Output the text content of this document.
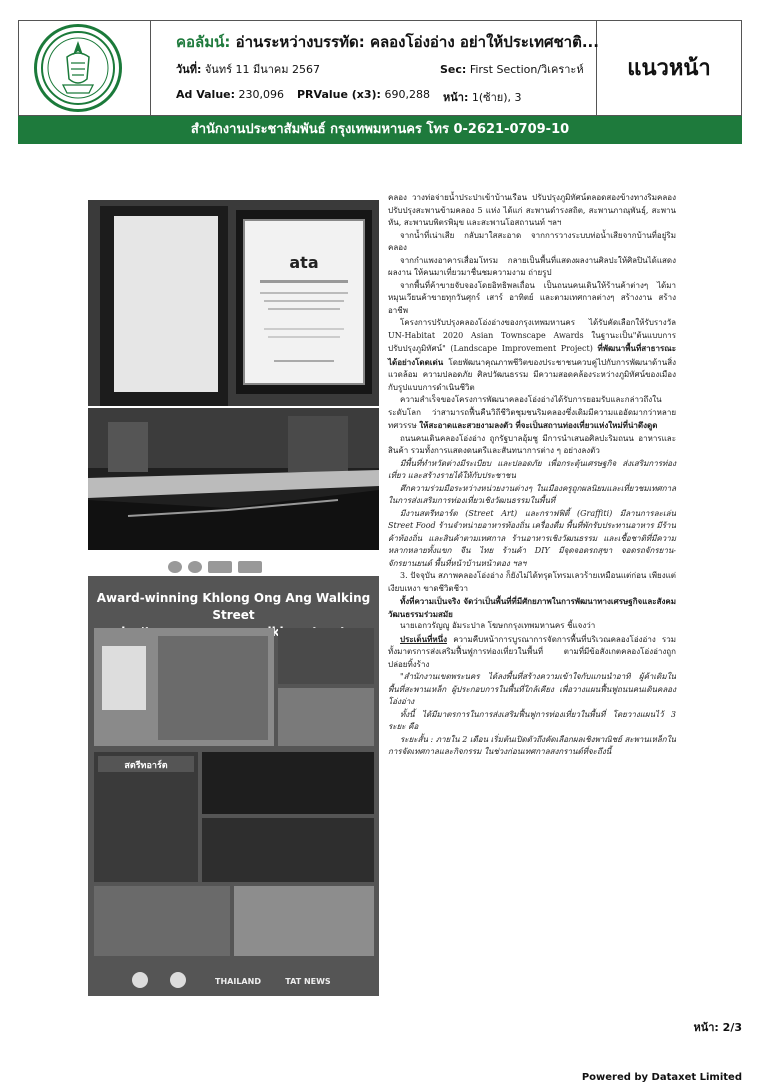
คอลัมน์: อ่านระหว่างบรรทัด: คลองโอ่งอ่าง อย่าให้ประเทศชาติ...
วันที่: จันทร์ 11 มีนาคม 2567	Sec: First Section/วิเคราะห์
Ad Value: 230,096 PRValue (x3): 690,288 หน้า: 1(ซ้าย), 3
แนวหน้า
สำนักงานประชาสัมพันธ์ กรุงเทพมหานคร โทร 0-2621-0709-10
ata
Award-winning Khlong Ong Ang Walking Street
walking
สตรีทอาร์ต
THAILAND	TAT NEWS

คลอง วางท่อจ่ายน้ำประปาเข้าบ้านเรือน ปรับปรุงภูมิทัศน์ตลอดสองข้างทางริมคลอง ปรับปรุงสะพานข้ามคลอง 5 แห่ง ได้แก่ สะพานดำรงสถิต, สะพานภาณุพันธุ์, สะพานหัน, สะพานบพิตรพิมุข และสะพานโอสถานนท์ ฯลฯ

จากน้ำที่เน่าเสีย กลับมาใสสะอาด จากการวางระบบท่อน้ำเสียจากบ้านที่อยู่ริมคลอง

จากกำแพงอาคารเสื่อมโทรม กลายเป็นพื้นที่แสดงผลงานศิลปะให้ศิลปินได้แสดงผลงาน ให้คนมาเที่ยวมาชื่นชมความงาม ถ่ายรูป

จากพื้นที่ค้าขายจับจองโดยอิทธิพลเถื่อน เป็นถนนคนเดินให้ร้านค้าต่างๆ ได้มาหมุนเวียนค้าขายทุกวันศุกร์ เสาร์ อาทิตย์ และตามเทศกาลต่างๆ สร้างงาน สร้างอาชีพ

โครงการปรับปรุงคลองโอ่งอ่างของกรุงเทพมหานคร ได้รับคัดเลือกให้รับรางวัล UN-Habitat 2020 Asian Townscape Awards ในฐานะเป็น"ต้นแบบการปรับปรุงภูมิทัศน์" (Landscape Improvement Project) ที่พัฒนาพื้นที่สาธารณะได้อย่างโดดเด่น โดยพัฒนาคุณภาพชีวิตของประชาชนควบคู่ไปกับการพัฒนาด้านสิ่งแวดล้อม ความปลอดภัย ศิลปวัฒนธรรม มีความสอดคล้องระหว่างภูมิทัศน์ของเมืองกับรูปแบบการดำเนินชีวิต

ความสำเร็จของโครงการพัฒนาคลองโอ่งอ่างได้รับการยอมรับและกล่าวถึงในระดับโลก ว่าสามารถฟื้นคืนวิถีชีวิตชุมชนริมคลองซึ่งเดิมมีความแออัดมากว่าหลายทศวรรษ ให้สะอาดและสวยงามลงตัว ที่จะเป็นสถานท่องเที่ยวแห่งใหม่ที่น่าดึงดูด

ถนนคนเดินคลองโอ่งอ่าง ถูกรัฐบาลอุ้มชู มีการนำเสนอศิลปะริมถนน อาหารและสินค้า รวมทั้งการแสดงดนตรีและสันทนาการต่าง ๆ อย่างลงตัว

มีพื้นที่ทำหวัดต่างมีระเบียบ และปลอดภัย เพื่อกระตุ้นเศรษฐกิจ ส่งเสริมการท่องเที่ยว และสร้างรายได้ให้กับประชาชน

ศึกความร่วมมือระหว่างหน่วยงานต่างๆ ในเมืองครูถูกผลนิยมและเที่ยวชมเทศกาล ในการส่งเสริมการท่องเที่ยวเชิงวัฒนธรรมในพื้นที่

มีงานสตรีทอาร์ต (Street Art) และกราฟฟิตี้ (Graffiti) มีลานการละเล่น Street Food ร้านจำหน่ายอาหารท้องถิ่น เครื่องดื่ม พื้นที่พักรับประทานอาหาร มีร้านค้าท้องถิ่น และสินค้าตามเทศกาล ร้านอาหารเชิงวัฒนธรรม และเชื้อชาติที่มีความหลากหลายทั้งแขก จีน ไทย ร้านค้า DIY มีจุดจอดรถสุขา จอดรถจักรยาน-จักรยานยนต์ พื้นที่หน้าบ้านหน้าตอง ฯลฯ

3. ปัจจุบัน สภาพคลองโอ่งอ่าง ก็ยังไม่ได้ทรุดโทรมเลวร้ายเหมือนแต่ก่อน เพียงแต่เงียบเหงา ขาดชีวิตชีวา

ทั้งที่ความเป็นจริง จัดว่าเป็นพื้นที่ที่มีศักยภาพในการพัฒนาทางเศรษฐกิจและสังคมวัฒนธรรมร่วมสมัย

นายเอกวรัญญู อัมระปาล โฆษกกรุงเทพมหานคร ชี้แจงว่า

ประเด็นที่หนึ่ง ความคืบหน้าการบูรณาการจัดการพื้นที่บริเวณคลองโอ่งอ่าง รวมทั้งมาตรการส่งเสริมฟื้นฟูการท่องเที่ยวในพื้นที่ ตามที่มีข้อสังเกตคลองโอ่งอ่างถูกปล่อยทิ้งร้าง

"สำนักงานเขตพระนคร ได้ลงพื้นที่สร้างความเข้าใจกับแกนนำอาทิ ผู้ค้าเดิมในพื้นที่สะพานเหล็ก ผู้ประกอบการในพื้นที่ใกล้เคียง เพื่อวางแผนฟื้นฟูถนนคนเดินคลองโอ่งอ่าง

ทั้งนี้ ได้มีมาตรการในการส่งเสริมฟื้นฟูการท่องเที่ยวในพื้นที่ โดยวางแผนไว้ 3 ระยะ คือ

ระยะสั้น : ภายใน 2 เดือน เริ่มต้นเปิดตัวถึงคัดเลือกผลเชิงพาณิชย์ สะพานเหล็กในการจัดเทศกาลและกิจกรรม ในช่วงก่อนเทศกาลสงกรานต์ที่จะถึงนี้

หน้า: 2/3
Powered by Dataxet Limited
